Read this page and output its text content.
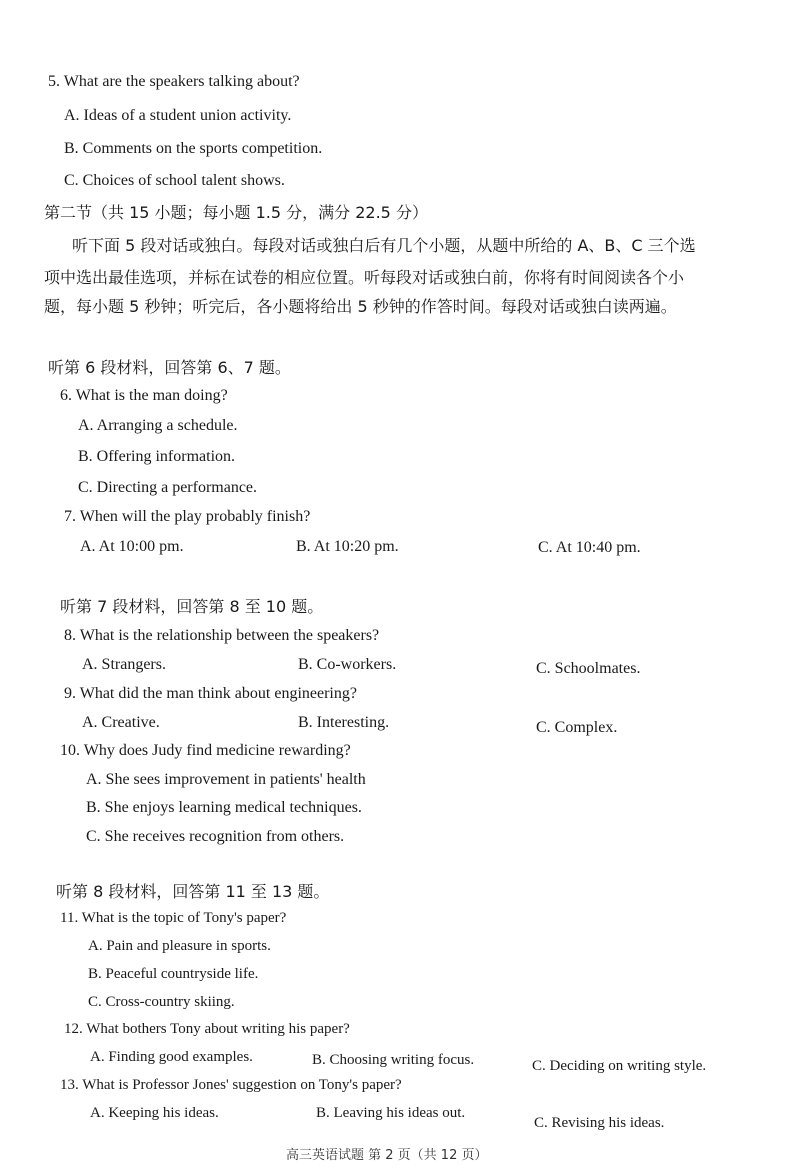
5. What are the speakers talking about?
A. Ideas of a student union activity.
B. Comments on the sports competition.
C. Choices of school talent shows.
第二节（共 15 小题；每小题 1.5 分，满分 22.5 分）
听下面 5 段对话或独白。每段对话或独白后有几个小题，从题中所给的 A、B、C 三个选
项中选出最佳选项，并标在试卷的相应位置。听每段对话或独白前，你将有时间阅读各个小
题，每小题 5 秒钟；听完后，各小题将给出 5 秒钟的作答时间。每段对话或独白读两遍。
听第 6 段材料，回答第 6、7 题。
6. What is the man doing?
A. Arranging a schedule.
B. Offering information.
C. Directing a performance.
7. When will the play probably finish?
A. At 10:00 pm.	B. At 10:20 pm.	C. At 10:40 pm.
听第 7 段材料，回答第 8 至 10 题。
8. What is the relationship between the speakers?
A. Strangers.	B. Co-workers.	C. Schoolmates.
9. What did the man think about engineering?
A. Creative.	B. Interesting.	C. Complex.
10. Why does Judy find medicine rewarding?
A. She sees improvement in patients' health
B. She enjoys learning medical techniques.
C. She receives recognition from others.
听第 8 段材料，回答第 11 至 13 题。
11. What is the topic of Tony's paper?
A. Pain and pleasure in sports.
B. Peaceful countryside life.
C. Cross-country skiing.
12. What bothers Tony about writing his paper?
A. Finding good examples.	B. Choosing writing focus.	C. Deciding on writing style.
13. What is Professor Jones' suggestion on Tony's paper?
A. Keeping his ideas.	B. Leaving his ideas out.
C. Revising his ideas.
高三英语试题 第 2 页（共 12 页）
